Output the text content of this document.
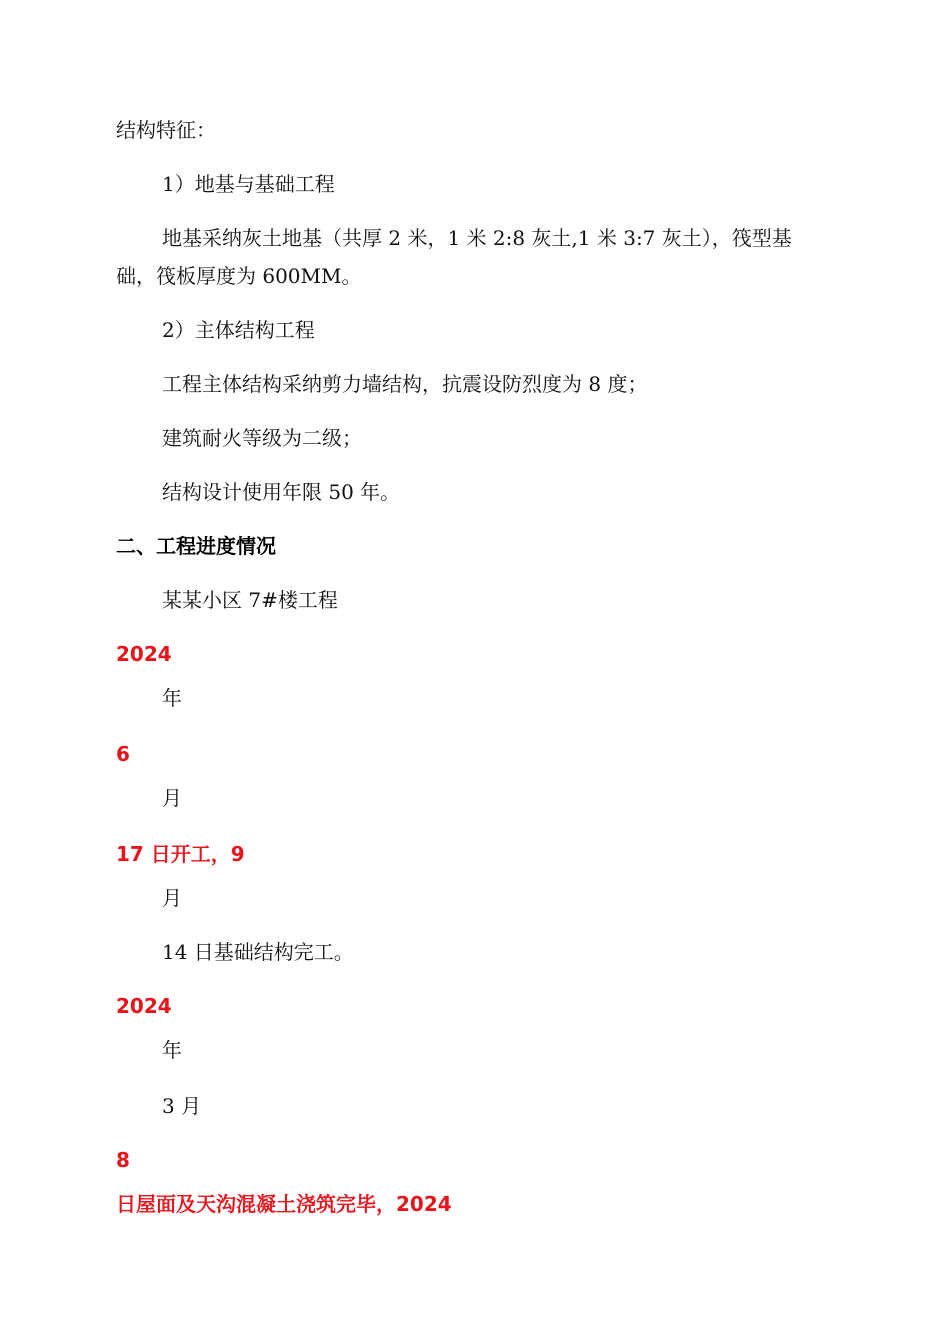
结构特征：
1）地基与基础工程
地基采纳灰土地基（共厚 2 米，1 米 2:8 灰土,1 米 3:7 灰土），筏型基
础，筏板厚度为 600MM。
2）主体结构工程
工程主体结构采纳剪力墙结构，抗震设防烈度为 8 度；
建筑耐火等级为二级；
结构设计使用年限 50 年。
二、工程进度情况
某某小区 7#楼工程
2024
年
6
月
17 日开工，9
月
14 日基础结构完工。
2024
年
3 月
8
日屋面及天沟混凝土浇筑完毕，2024
